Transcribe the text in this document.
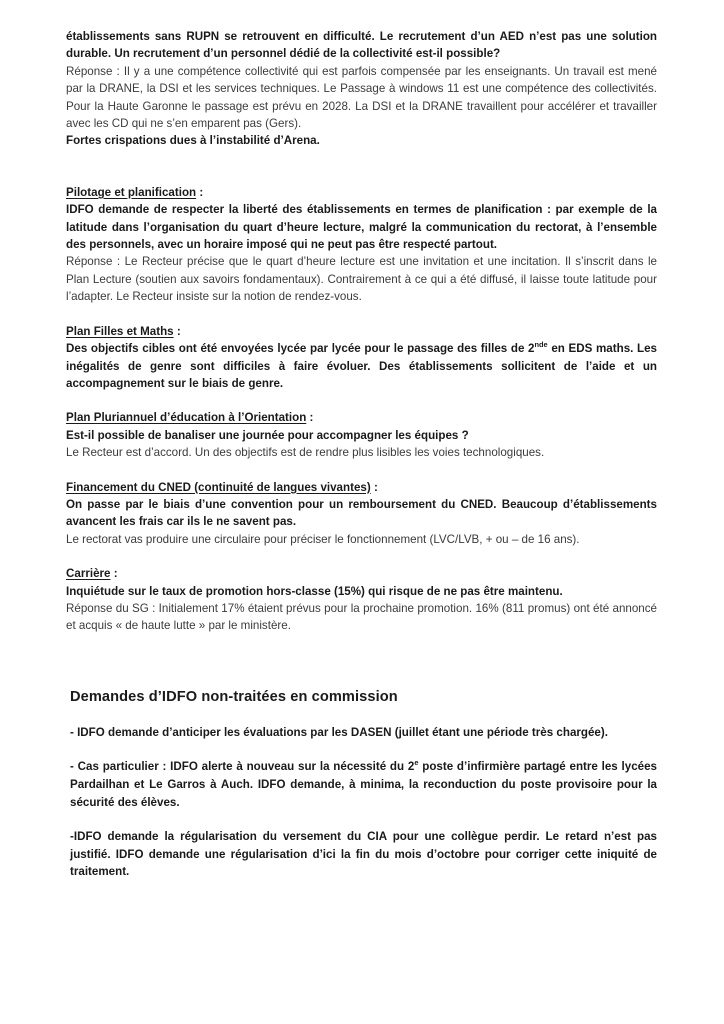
établissements sans RUPN se retrouvent en difficulté. Le recrutement d’un AED n’est pas une solution durable. Un recrutement d’un personnel dédié de la collectivité est-il possible?

Réponse : Il y a une compétence collectivité qui est parfois compensée par les enseignants. Un travail est mené par la DRANE, la DSI et les services techniques. Le Passage à windows 11 est une compétence des collectivités. Pour la Haute Garonne le passage est prévu en 2028. La DSI et la DRANE travaillent pour accélérer et travailler avec les CD qui ne s’en emparent pas (Gers).

Fortes crispations dues à l’instabilité d’Arena.

Pilotage et planification :

IDFO demande de respecter la liberté des établissements en termes de planification : par exemple de la latitude dans l’organisation du quart d’heure lecture, malgré la communication du rectorat, à l’ensemble des personnels, avec un horaire imposé qui ne peut pas être respecté partout.

Réponse : Le Recteur précise que le quart d’heure lecture est une invitation et une incitation. Il s’inscrit dans le Plan Lecture (soutien aux savoirs fondamentaux). Contrairement à ce qui a été diffusé, il laisse toute latitude pour l’adapter. Le Recteur insiste sur la notion de rendez-vous.

Plan Filles et Maths :

Des objectifs cibles ont été envoyées lycée par lycée pour le passage des filles de 2nde en EDS maths. Les inégalités de genre sont difficiles à faire évoluer. Des établissements sollicitent de l’aide et un accompagnement sur le biais de genre.

Plan Pluriannuel d’éducation à l’Orientation :

Est-il possible de banaliser une journée pour accompagner les équipes ?

Le Recteur est d’accord. Un des objectifs est de rendre plus lisibles les voies technologiques.

Financement du CNED (continuité de langues vivantes) :

On passe par le biais d’une convention pour un remboursement du CNED. Beaucoup d’établissements avancent les frais car ils le ne savent pas.

Le rectorat vas produire une circulaire pour préciser le fonctionnement (LVC/LVB, + ou – de 16 ans).

Carrière :

Inquiétude sur le taux de promotion hors-classe (15%) qui risque de ne pas être maintenu.

Réponse du SG : Initialement 17% étaient prévus pour la prochaine promotion. 16% (811 promus) ont été annoncé et acquis « de haute lutte » par le ministère.

Demandes d’IDFO non-traitées en commission

- IDFO demande d’anticiper les évaluations par les DASEN (juillet étant une période très chargée).

- Cas particulier : IDFO alerte à nouveau sur la nécessité du 2e poste d’infirmière partagé entre les lycées Pardailhan et Le Garros à Auch. IDFO demande, à minima, la reconduction du poste provisoire pour la sécurité des élèves.

-IDFO demande la régularisation du versement du CIA pour une collègue perdir. Le retard n’est pas justifié. IDFO demande une régularisation d’ici la fin du mois d’octobre pour corriger cette iniquité de traitement.
